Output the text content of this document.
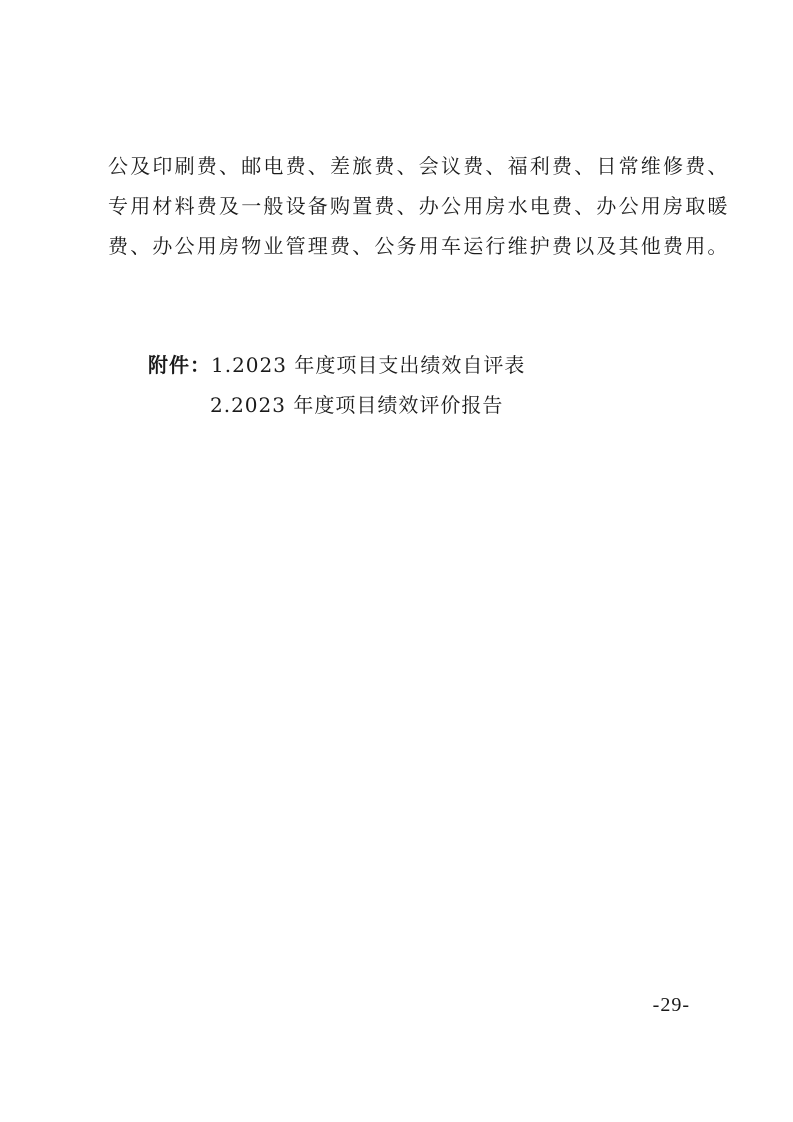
公及印刷费、邮电费、差旅费、会议费、福利费、日常维修费、
专用材料费及一般设备购置费、办公用房水电费、办公用房取暖
费、办公用房物业管理费、公务用车运行维护费以及其他费用。
附件：1.2023 年度项目支出绩效自评表
2.2023 年度项目绩效评价报告
-29-
